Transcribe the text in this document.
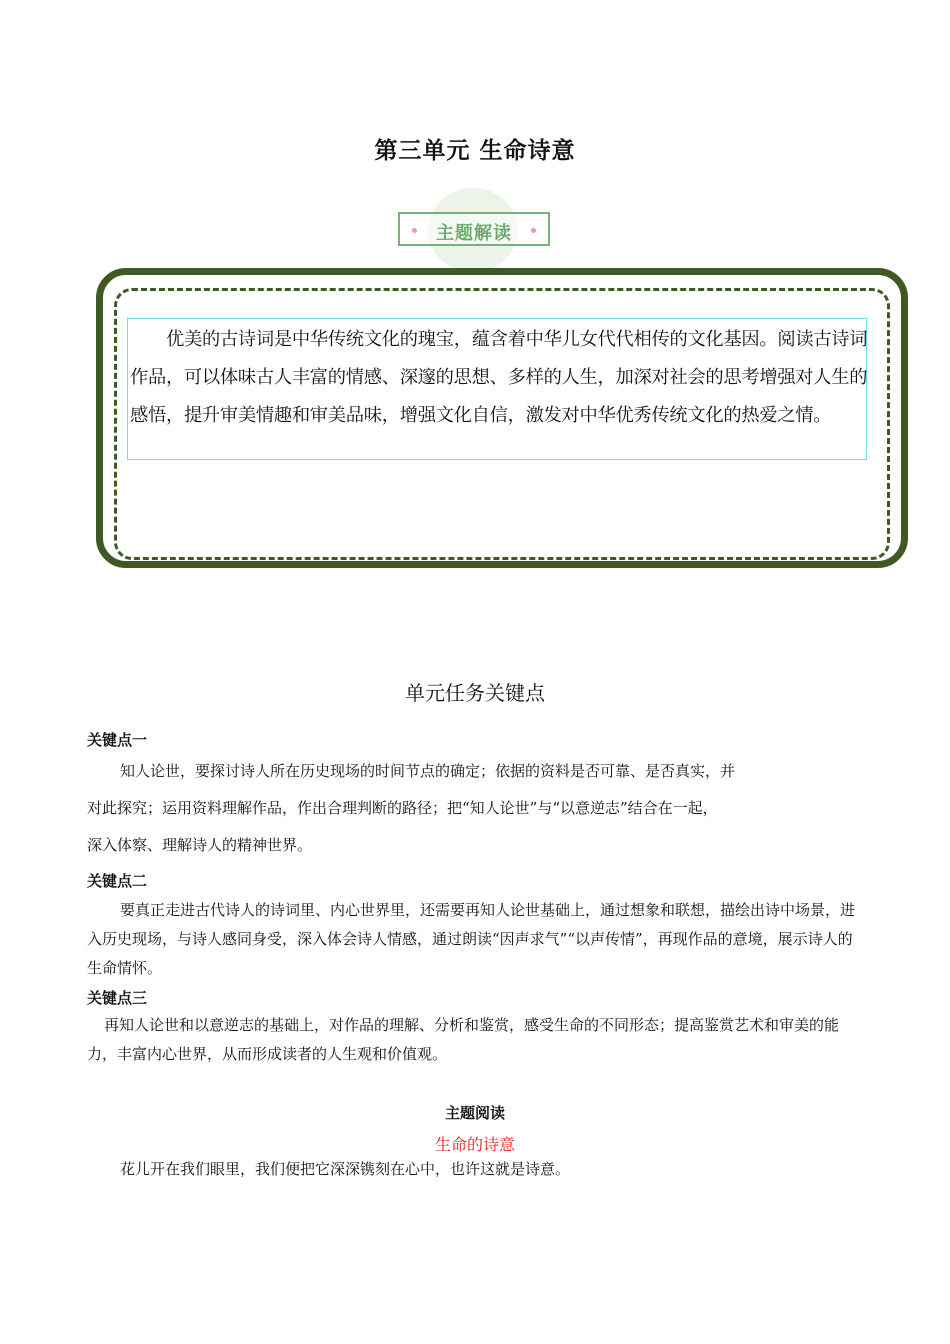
第三单元 生命诗意
主题解读
优美的古诗词是中华传统文化的瑰宝，蕴含着中华儿女代代相传的文化基因。阅读古诗词作品，可以体味古人丰富的情感、深邃的思想、多样的人生，加深对社会的思考增强对人生的感悟，提升审美情趣和审美品味，增强文化自信，激发对中华优秀传统文化的热爱之情。
单元任务关键点
关键点一
知人论世，要探讨诗人所在历史现场的时间节点的确定；依据的资料是否可靠、是否真实，并
对此探究；运用资料理解作品，作出合理判断的路径；把“知人论世”与“以意逆志”结合在一起，
深入体察、理解诗人的精神世界。
关键点二
要真正走进古代诗人的诗词里、内心世界里，还需要再知人论世基础上，通过想象和联想，描绘出诗中场景，进入历史现场，与诗人感同身受，深入体会诗人情感，通过朗读“因声求气”“以声传情”，再现作品的意境，展示诗人的生命情怀。
关键点三
再知人论世和以意逆志的基础上，对作品的理解、分析和鉴赏，感受生命的不同形态；提高鉴赏艺术和审美的能力，丰富内心世界，从而形成读者的人生观和价值观。
主题阅读
生命的诗意
花儿开在我们眼里，我们便把它深深镌刻在心中，也许这就是诗意。
